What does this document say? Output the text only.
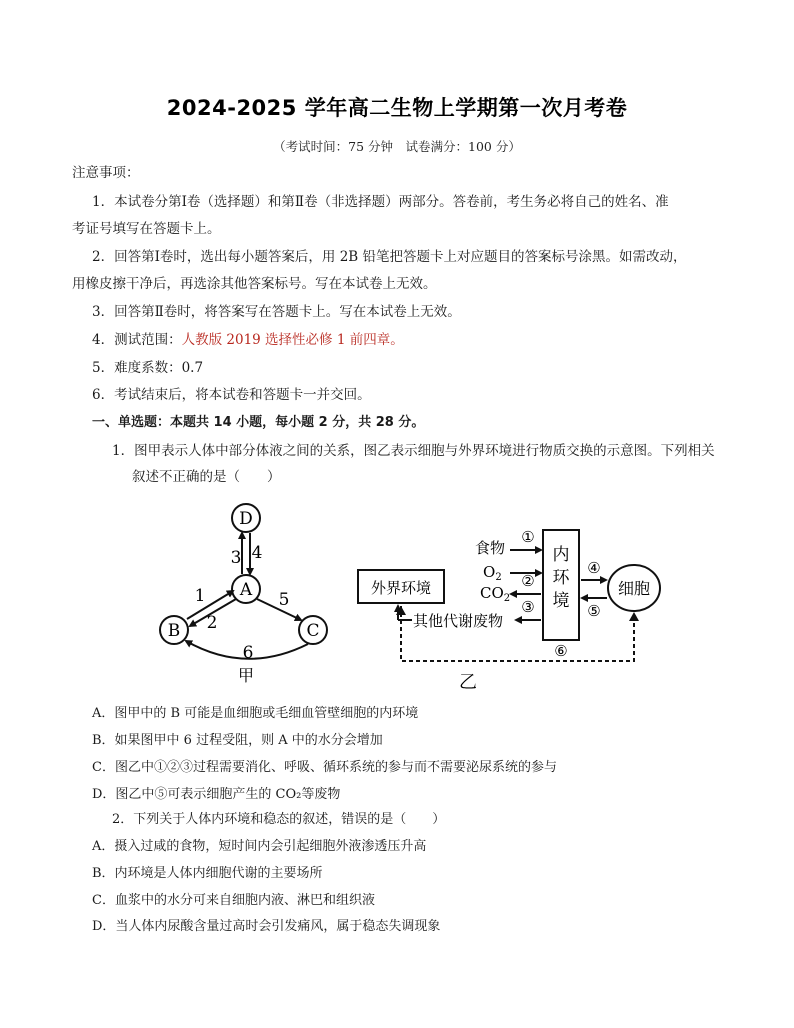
2024-2025 学年高二生物上学期第一次月考卷
（考试时间：75 分钟　试卷满分：100 分）
注意事项：
1．本试卷分第Ⅰ卷（选择题）和第Ⅱ卷（非选择题）两部分。答卷前，考生务必将自己的姓名、准
考证号填写在答题卡上。
2．回答第Ⅰ卷时，选出每小题答案后，用 2B 铅笔把答题卡上对应题目的答案标号涂黑。如需改动，
用橡皮擦干净后，再选涂其他答案标号。写在本试卷上无效。
3．回答第Ⅱ卷时，将答案写在答题卡上。写在本试卷上无效。
4．测试范围：人教版 2019 选择性必修 1 前四章。
5．难度系数：0.7
6．考试结束后，将本试卷和答题卡一并交回。
一、单选题：本题共 14 小题，每小题 2 分，共 28 分。
1．图甲表示人体中部分体液之间的关系，图乙表示细胞与外界环境进行物质交换的示意图。下列相关
叙述不正确的是（　　）
D
A
B	C
3 4
1
2
5
6
甲
外界环境
内
环
境
细胞
食物
$O_2$
$CO_2$
其他代谢废物
①
②
③
④
⑤
⑥
乙
A．图甲中的 B 可能是血细胞或毛细血管壁细胞的内环境
B．如果图甲中 6 过程受阻，则 A 中的水分会增加
C．图乙中①②③过程需要消化、呼吸、循环系统的参与而不需要泌尿系统的参与
D．图乙中⑤可表示细胞产生的 CO₂等废物
2．下列关于人体内环境和稳态的叙述，错误的是（　　）
A．摄入过咸的食物，短时间内会引起细胞外液渗透压升高
B．内环境是人体内细胞代谢的主要场所
C．血浆中的水分可来自细胞内液、淋巴和组织液
D．当人体内尿酸含量过高时会引发痛风，属于稳态失调现象
